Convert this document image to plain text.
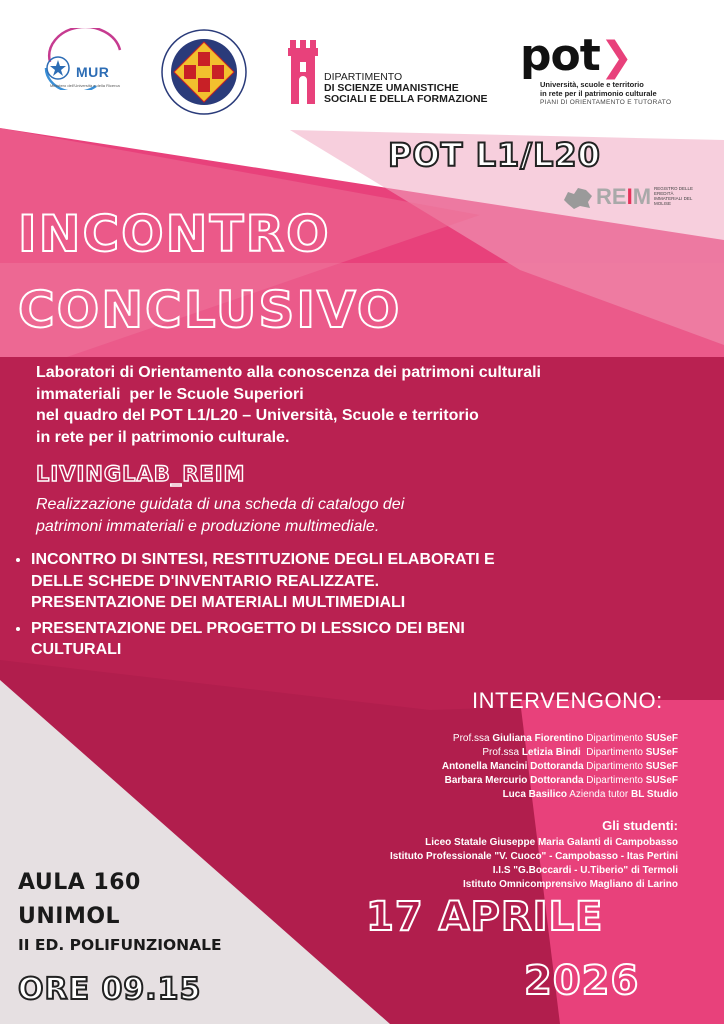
MUR
Ministero dell'Università e della Ricerca
DIPARTIMENTO
DI SCIENZE UMANISTICHE
SOCIALI E DELLA FORMAZIONE
pot❯
Università, scuole e territorio
in rete per il patrimonio culturale
PIANI DI ORIENTAMENTO E TUTORATO
POT L1/L20
REIM REGISTRO DELLE EREDITÀ IMMATERIALI DEL MOLISE
INCONTRO
CONCLUSIVO

Laboratori di Orientamento alla conoscenza dei patrimoni culturali
immateriali  per le Scuole Superiori
nel quadro del POT L1/L20 – Università, Scuole e territorio
in rete per il patrimonio culturale.

LIVINGLAB_REIM

Realizzazione guidata di una scheda di catalogo dei
patrimoni immateriali e produzione multimediale.

• INCONTRO DI SINTESI, RESTITUZIONE DEGLI ELABORATI E DELLE SCHEDE D'INVENTARIO REALIZZATE. PRESENTAZIONE DEI MATERIALI MULTIMEDIALI
• PRESENTAZIONE DEL PROGETTO DI LESSICO DEI BENI CULTURALI
INTERVENGONO:
Prof.ssa Giuliana Fiorentino Dipartimento SUSeF
Prof.ssa Letizia Bindi  Dipartimento SUSeF
Antonella Mancini Dottoranda Dipartimento SUSeF
Barbara Mercurio Dottoranda Dipartimento SUSeF
Luca Basilico Azienda tutor BL Studio
Gli studenti:
Liceo Statale Giuseppe Maria Galanti di Campobasso
Istituto Professionale "V. Cuoco" - Campobasso - Itas Pertini
I.I.S "G.Boccardi - U.Tiberio" di Termoli
Istituto Omnicomprensivo Magliano di Larino
AULA 160
UNIMOL
II ED. POLIFUNZIONALE
ORE 09.15
17 APRILE
2026
